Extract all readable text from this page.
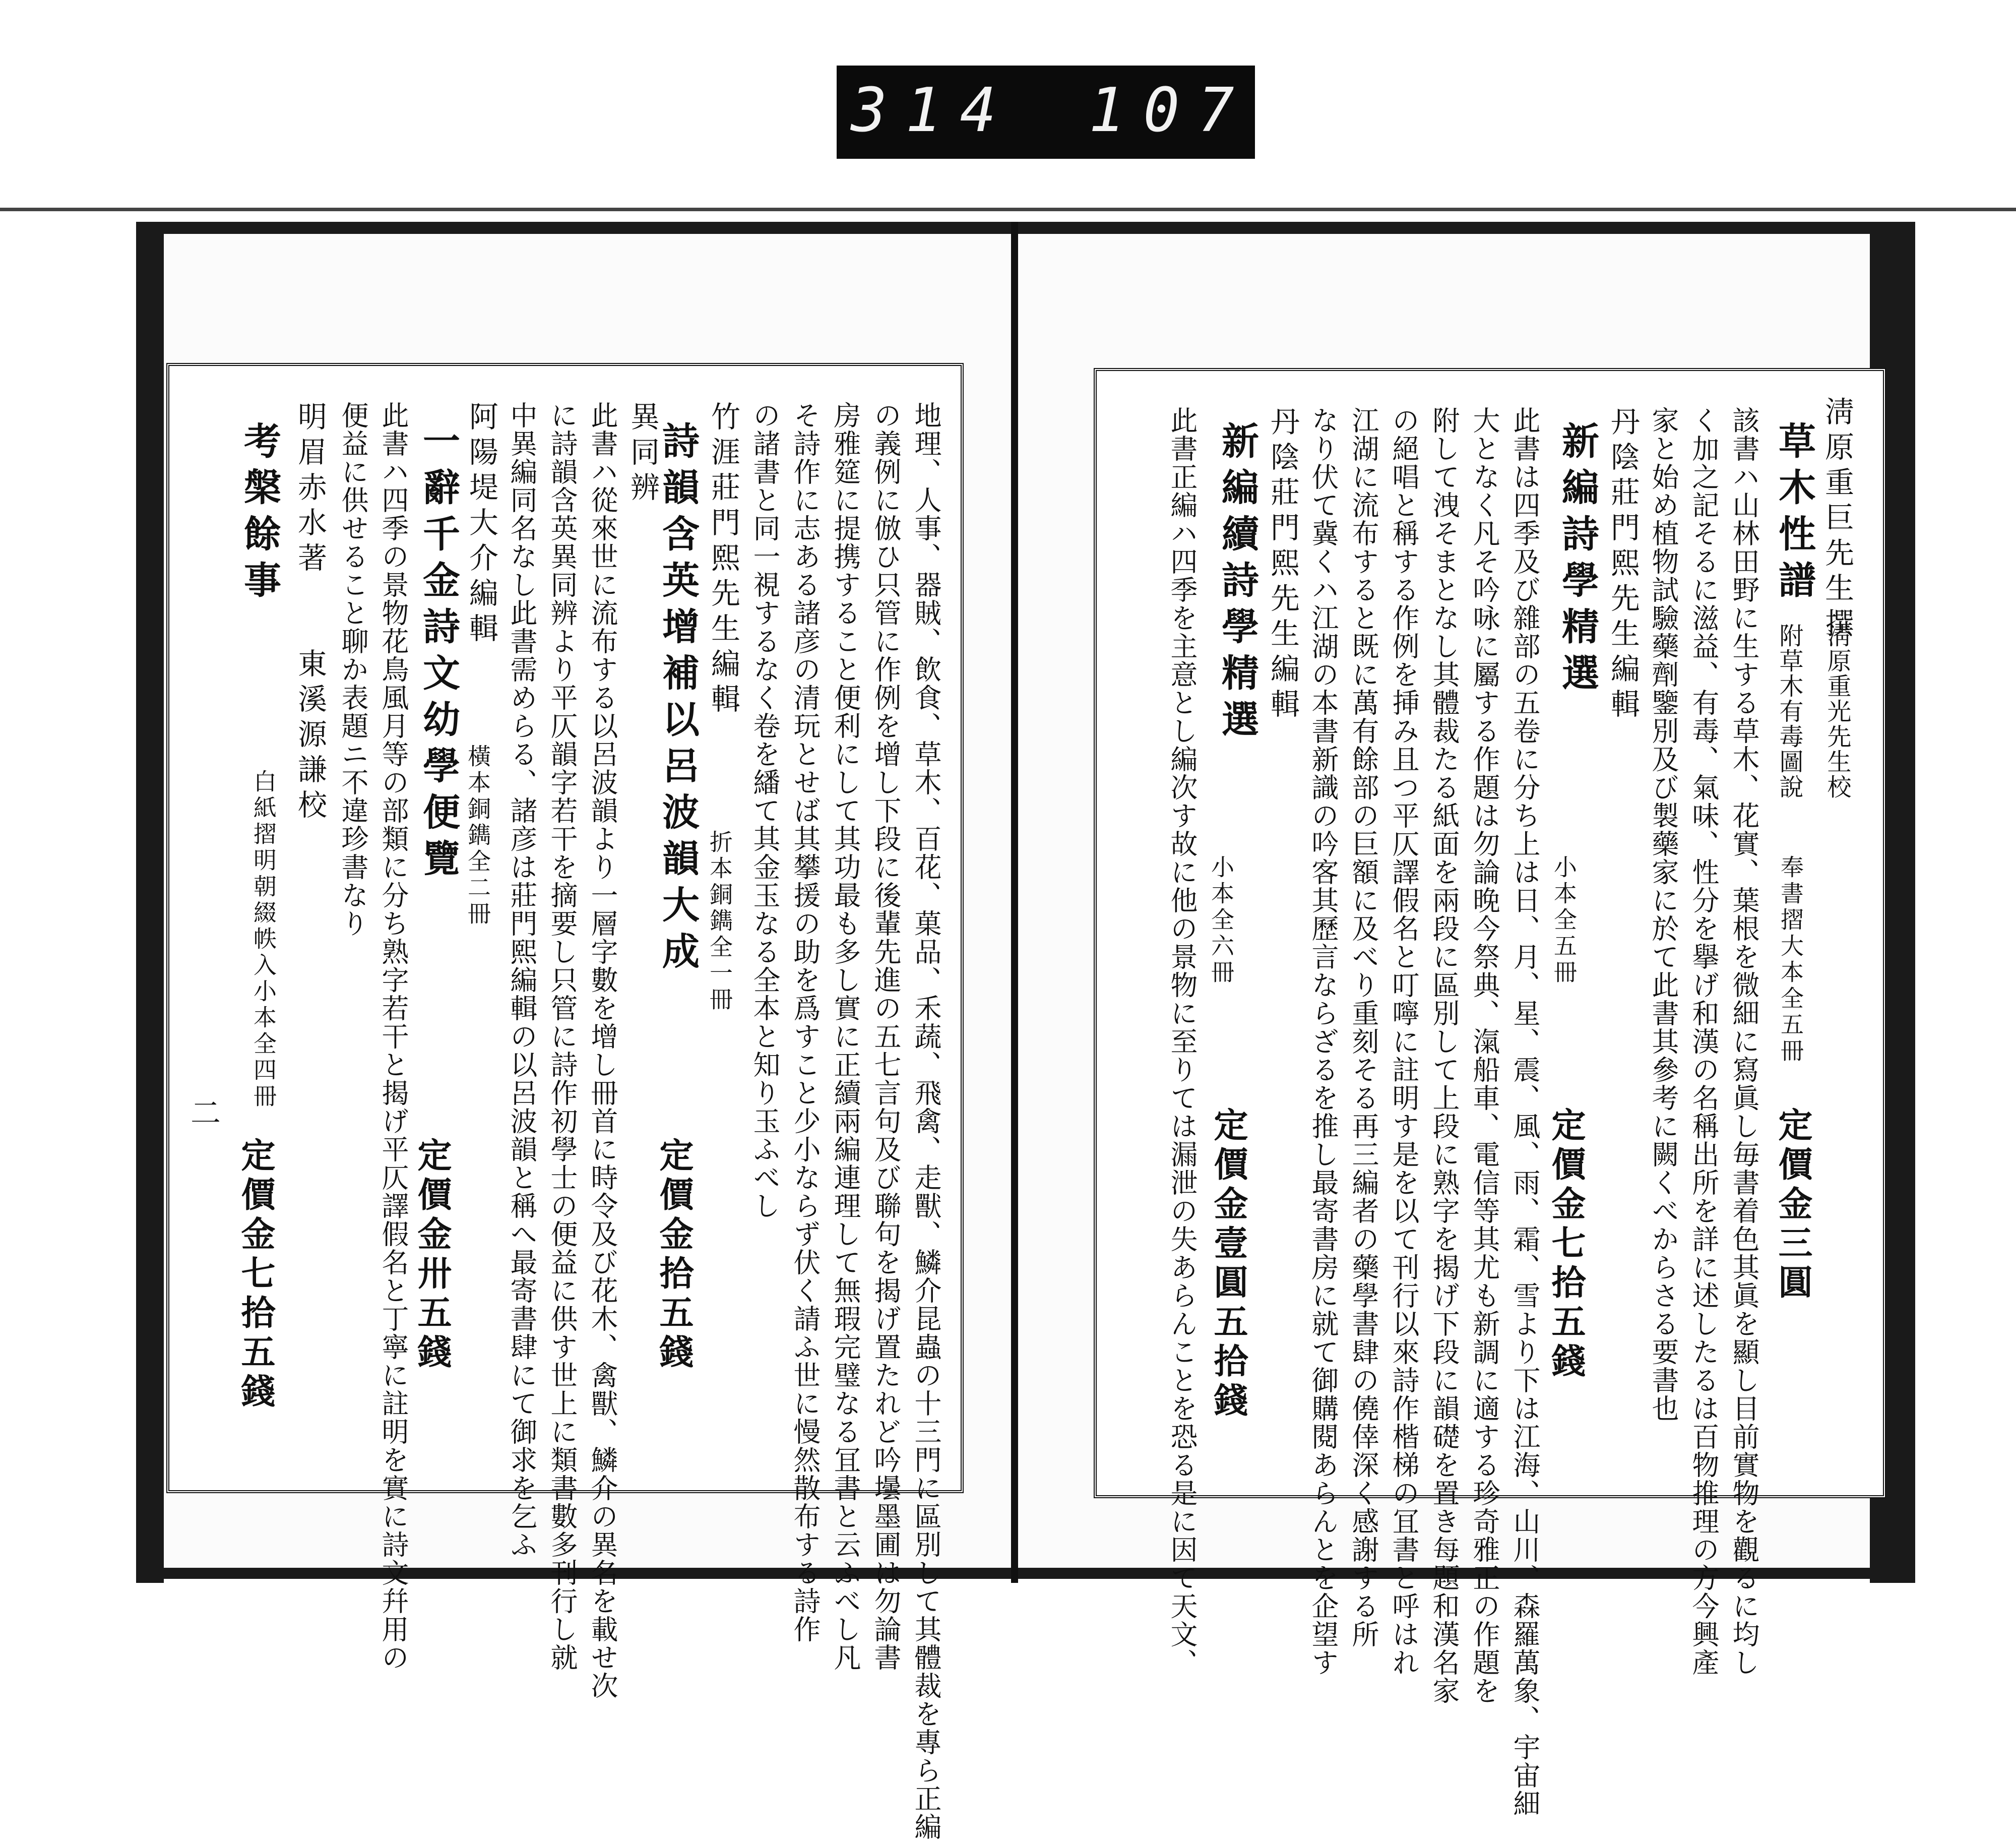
314 107
地理、人事、器賊、飲食、草木、百花、菓品、禾蔬、飛禽、走獸、鱗介昆蟲の十三門に區別して其體裁を專ら正編
の義例に倣ひ只管に作例を增し下段に後輩先進の五七言句及び聯句を揭げ置たれど吟壜墨圃は勿論書
房雅筵に提携すること便利にして其功最も多し實に正續兩編連理して無瑕完璧なる冝書と云ふべし凡
そ詩作に志ある諸彦の清玩とせば其攀援の助を爲すこと少小ならず伏く請ふ世に慢然散布する詩作
の諸書と同一視するなく卷を繙て其金玉なる全本と知り玉ふべし
竹涯莊門熙先生編輯
折本銅鐫全一冊
詩韻含英增補以呂波韻大成
異同辨
定價金拾五錢
此書ハ從來世に流布する以呂波韻より一層字數を增し冊首に時令及び花木、禽獸、鱗介の異名を載せ次
に詩韻含英異同辨より平仄韻字若干を摘要し只管に詩作初學士の便益に供す世上に類書數多刊行し就
中異編同名なし此書需めらる、諸彦は莊門熙編輯の以呂波韻と稱へ最寄書肆にて御求を乞ふ
阿陽堤大介編輯
橫本銅鐫全二冊
一辭千金詩文幼學便覽
定價金卅五錢
此書ハ四季の景物花鳥風月等の部類に分ち熟字若干と揭げ平仄譯假名と丁寧に註明を實に詩文幷用の
便益に供せること聊か表題ニ不違珍書なり
明眉赤水著
東溪源謙校
考槃餘事
白紙摺明朝綴帙入小本全四冊
定價金七拾五錢
二
淸原重巨先生撰
淸原重光先生校
草木性譜
附草木有毒圖說
奉書摺大本全五冊
定價金三圓
該書ハ山林田野に生する草木、花實、葉根を微細に寫眞し毎書着色其眞を顯し目前實物を觀るに均し
く加之記そるに滋益、有毒、氣味、性分を擧げ和漢の名稱出所を詳に述したるは百物推理の方今興產
家と始め植物試驗藥劑鑒別及び製藥家に於て此書其參考に闕くべからさる要書也
丹陰莊門熙先生編輯
新編詩學精選
小本全五冊
定價金七拾五錢
此書は四季及び雜部の五卷に分ち上は日、月、星、震、風、雨、霜、雪より下は江海、山川、森羅萬象、宇宙細
大となく凡そ吟咏に屬する作題は勿論晚今祭典、滊船車、電信等其尤も新調に適する珍奇雅正の作題を
附して洩そまとなし其體裁たる紙面を兩段に區別して上段に熟字を揭げ下段に韻礎を置き每題和漢名家
の絕唱と稱する作例を挿み且つ平仄譯假名と叮嚀に註明す是を以て刊行以來詩作楷梯の冝書と呼はれ
江湖に流布すると既に萬有餘部の巨額に及べり重刻そる再三編者の藥學書肆の僥倖深く感謝する所
なり伏て冀くハ江湖の本書新識の吟客其歷言ならざるを推し最寄書房に就て御購閱あらんとを企望す
丹陰莊門熙先生編輯
新編續詩學精選
小本全六冊
定價金壹圓五拾錢
此書正編ハ四季を主意とし編次す故に他の景物に至りては漏泄の失あらんことを恐る是に因て天文、
